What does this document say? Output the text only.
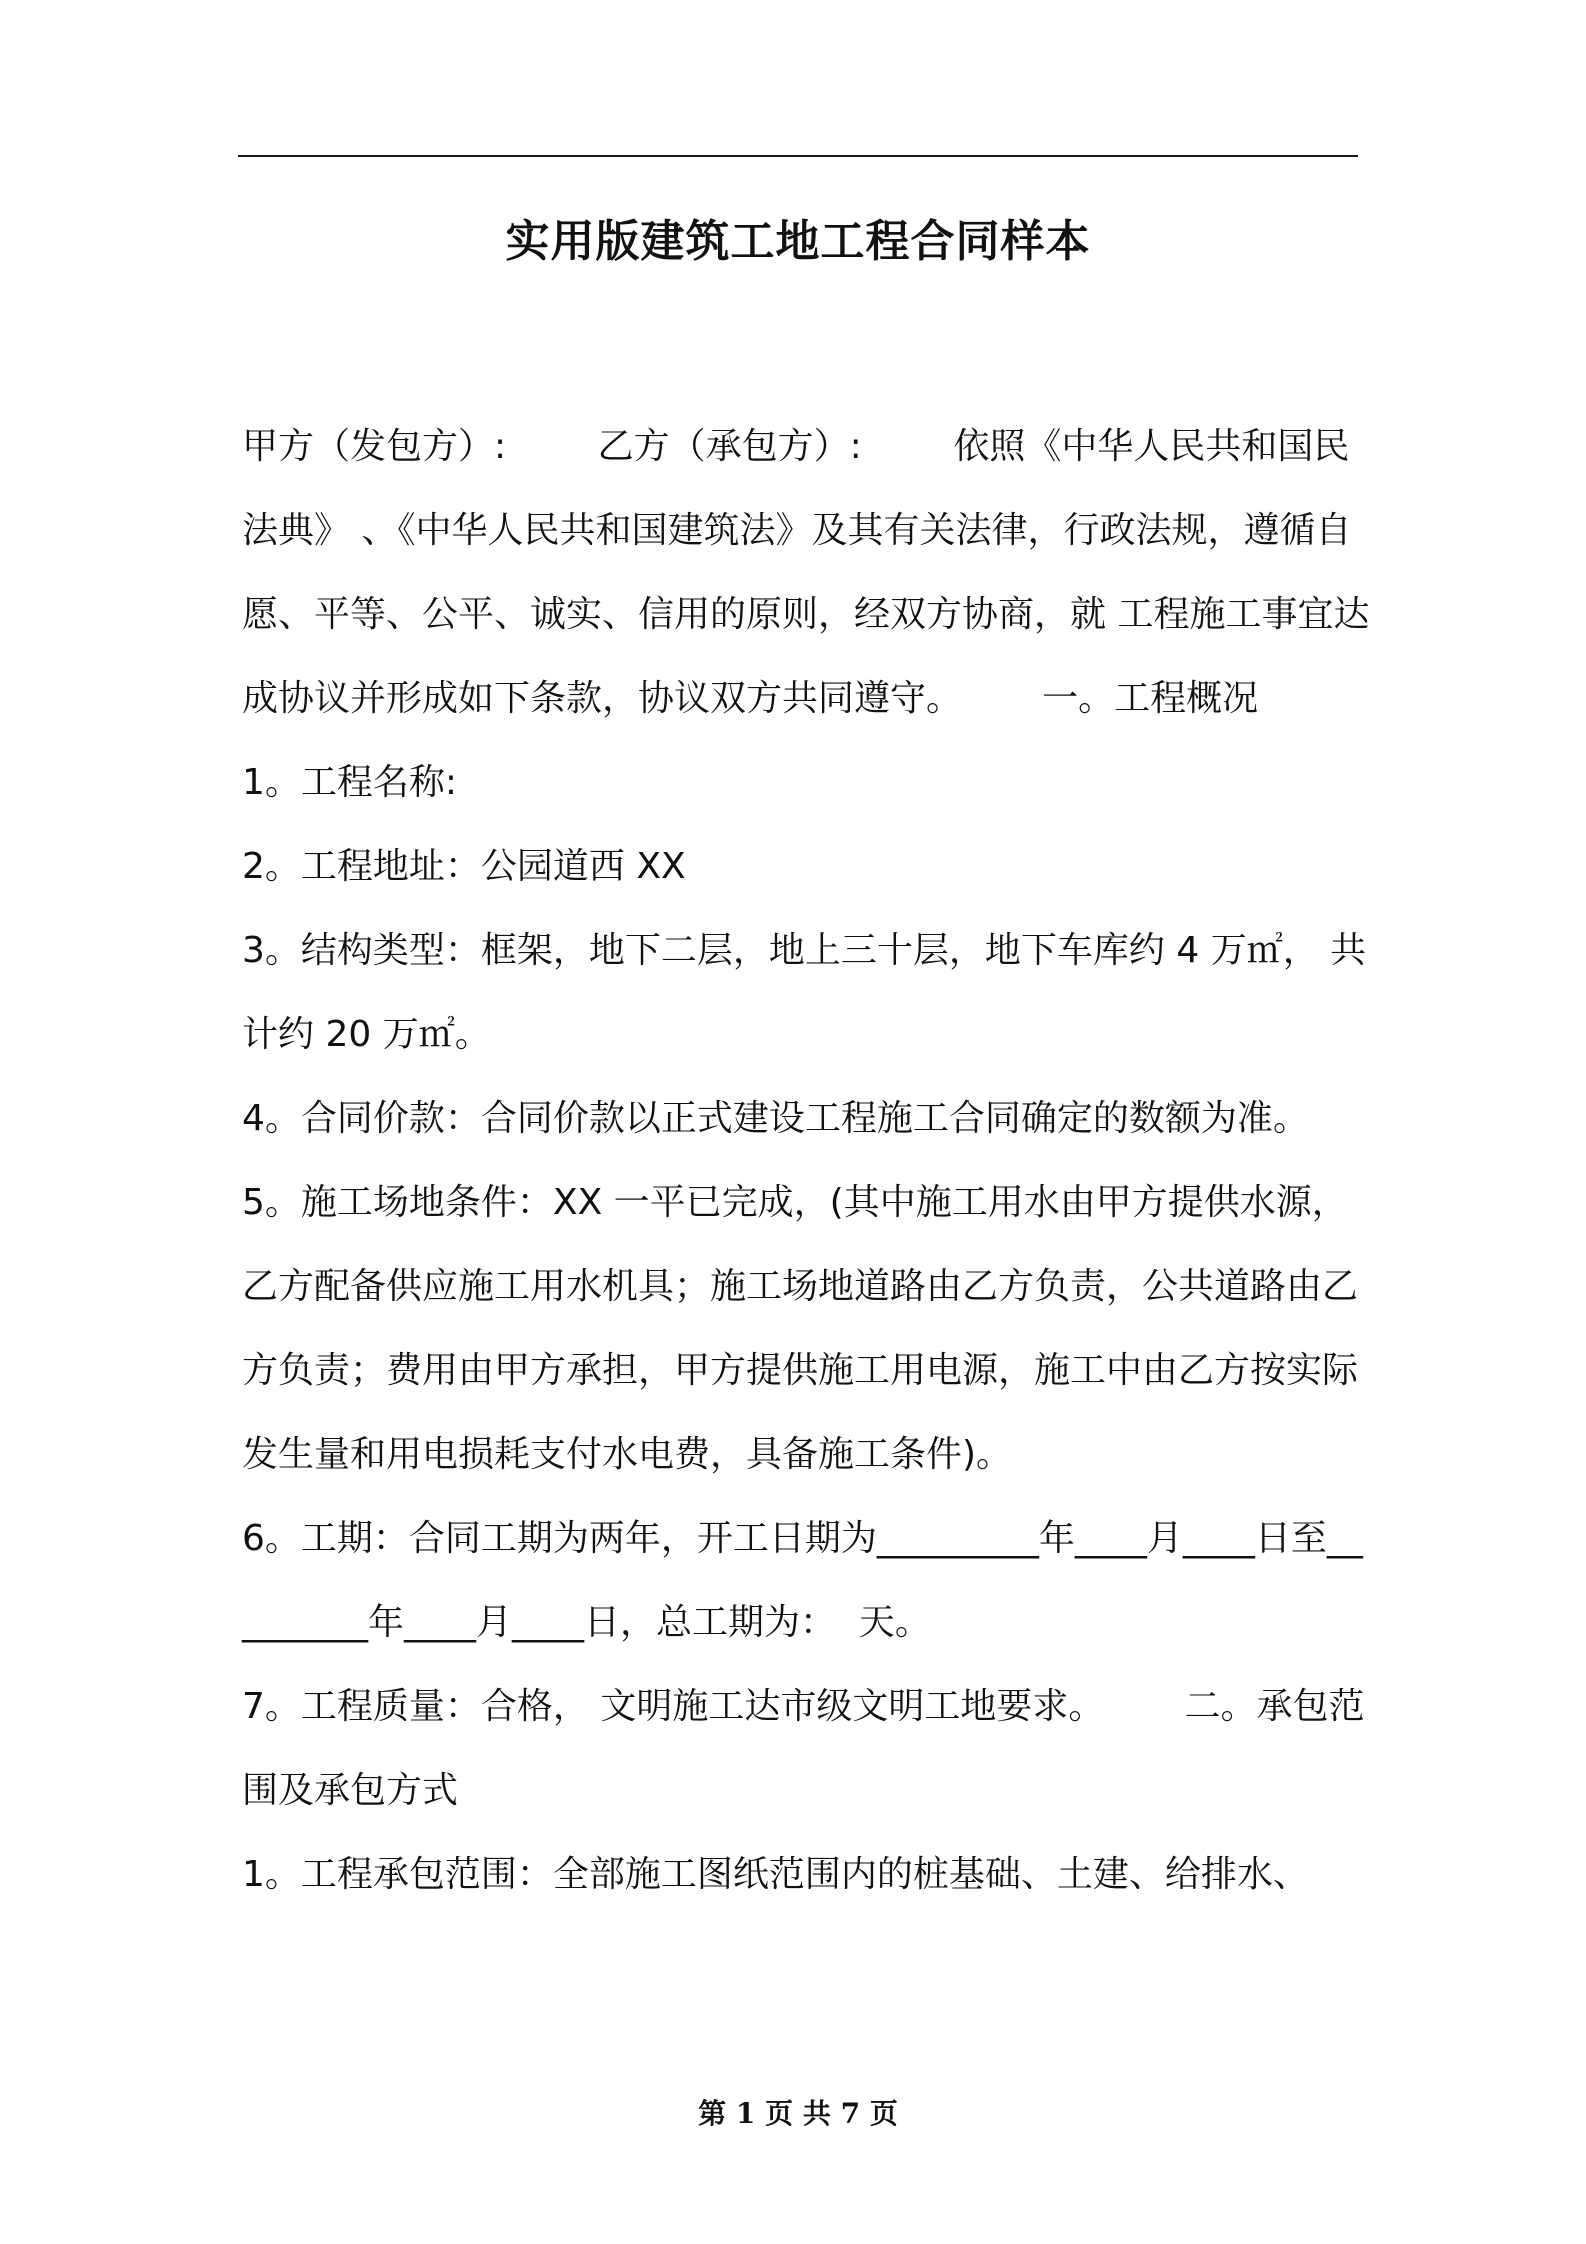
实用版建筑工地工程合同样本

甲方（发包方）:        乙方（承包方）:        依照《中华人民共和国民法典》 、《中华人民共和国建筑法》及其有关法律，行政法规，遵循自愿、平等、公平、诚实、信用的原则，经双方协商，就 工程施工事宜达成协议并形成如下条款，协议双方共同遵守。       一。工程概况

1。工程名称:

2。工程地址：公园道西 XX

3。结构类型：框架，地下二层，地上三十层，地下车库约 4 万㎡， 共计约 20 万㎡。

4。合同价款：合同价款以正式建设工程施工合同确定的数额为准。

5。施工场地条件：XX 一平已完成，(其中施工用水由甲方提供水源，乙方配备供应施工用水机具；施工场地道路由乙方负责，公共道路由乙方负责；费用由甲方承担，甲方提供施工用电源，施工中由乙方按实际发生量和用电损耗支付水电费，具备施工条件)。

6。工期：合同工期为两年，开工日期为_________年____月____日至_________年____月____日，总工期为：  天。

7。工程质量：合格， 文明施工达市级文明工地要求。       二。承包范围及承包方式

1。工程承包范围：全部施工图纸范围内的桩基础、土建、给排水、

第 1 页 共 7 页
